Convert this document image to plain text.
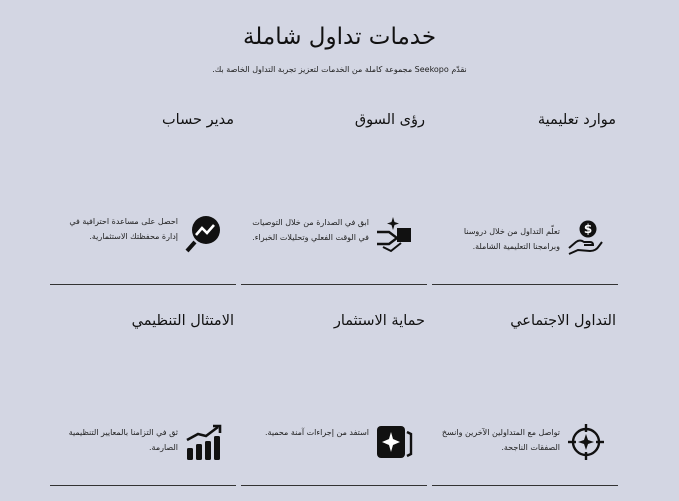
خدمات تداول شاملة
نقدّم Seekopo مجموعة كاملة من الخدمات لتعزيز تجربة التداول الخاصة بك.
موارد تعليمية
$
تعلّم التداول من خلال دروسنا وبرامجنا التعليمية الشاملة.
رؤى السوق
ابق في الصدارة من خلال التوصيات في الوقت الفعلي وتحليلات الخبراء.
مدير حساب
احصل على مساعدة احترافية في إدارة محفظتك الاستثمارية.
التداول الاجتماعي
تواصل مع المتداولين الآخرين وانسخ الصفقات الناجحة.
حماية الاستثمار
استفد من إجراءات آمنة محمية.
الامتثال التنظيمي
ثق في التزامنا بالمعايير التنظيمية الصارمة.
